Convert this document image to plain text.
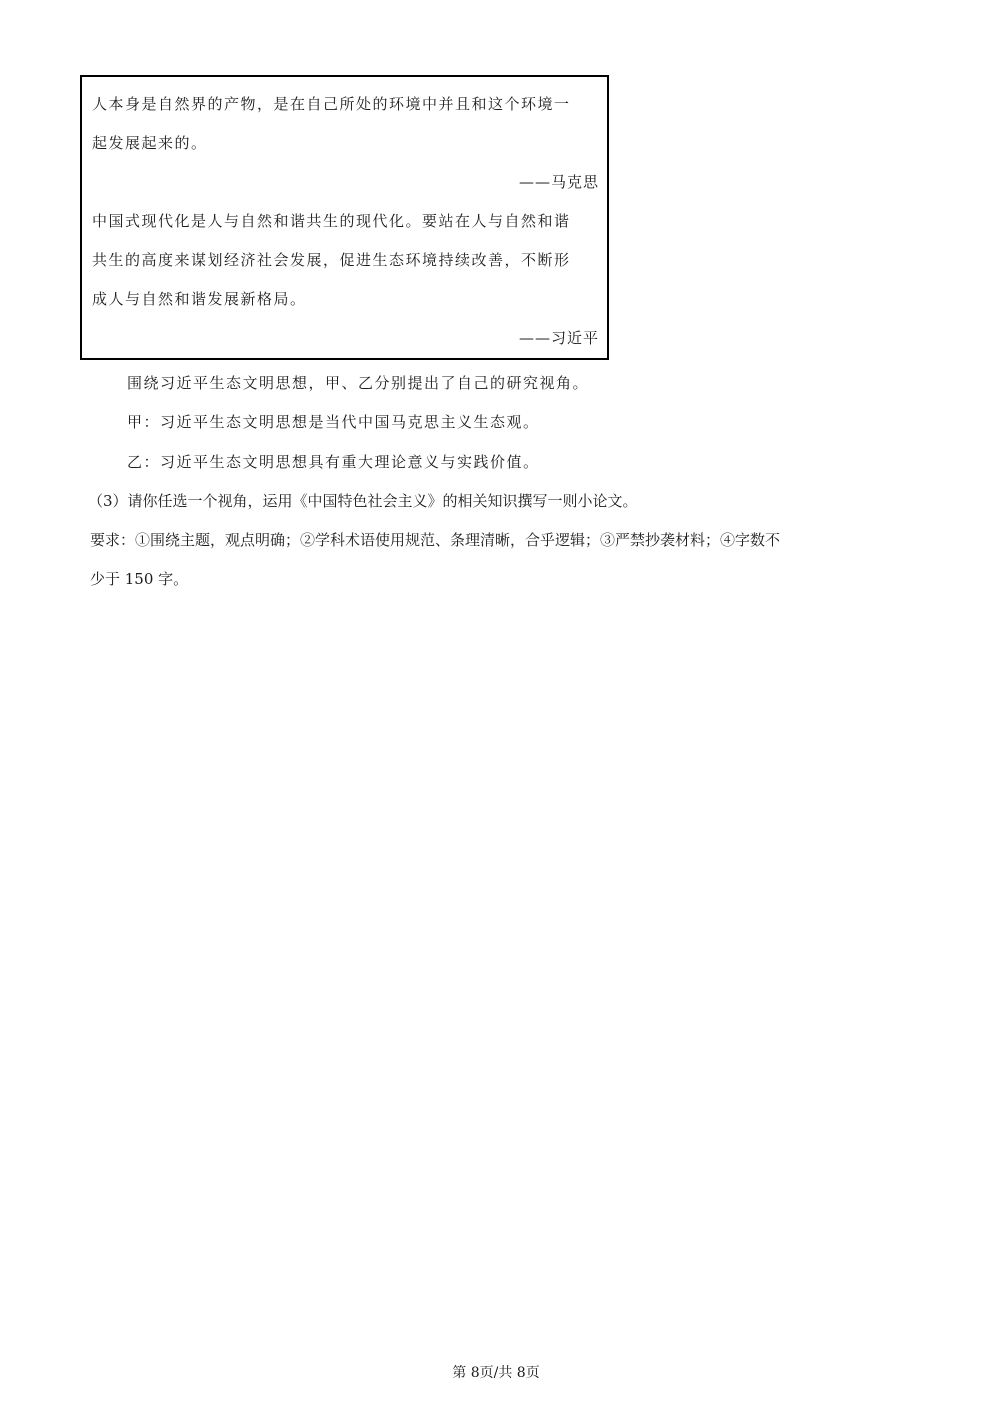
人本身是自然界的产物，是在自己所处的环境中并且和这个环境一
起发展起来的。
——马克思
中国式现代化是人与自然和谐共生的现代化。要站在人与自然和谐
共生的高度来谋划经济社会发展，促进生态环境持续改善，不断形
成人与自然和谐发展新格局。
——习近平
围绕习近平生态文明思想，甲、乙分别提出了自己的研究视角。
甲：习近平生态文明思想是当代中国马克思主义生态观。
乙：习近平生态文明思想具有重大理论意义与实践价值。
（3）请你任选一个视角，运用《中国特色社会主义》的相关知识撰写一则小论文。
要求：①围绕主题，观点明确；②学科术语使用规范、条理清晰，合乎逻辑；③严禁抄袭材料；④字数不
少于 150 字。
第 8页/共 8页
